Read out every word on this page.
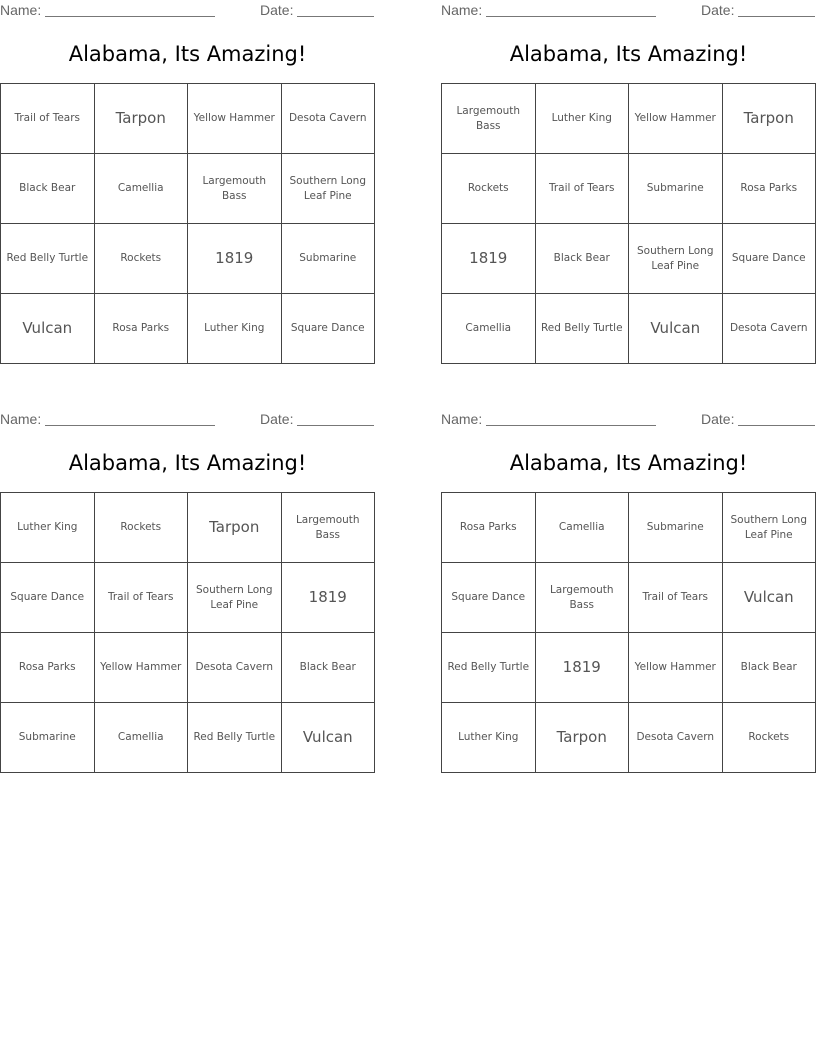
Name:	Date:
Alabama, Its Amazing!
Trail of Tears	Tarpon	Yellow Hammer	Desota Cavern
Black Bear	Camellia	Largemouth Bass	Southern Long Leaf Pine
Red Belly Turtle	Rockets	1819	Submarine
Vulcan	Rosa Parks	Luther King	Square Dance
Name:	Date:
Alabama, Its Amazing!
Largemouth Bass	Luther King	Yellow Hammer	Tarpon
Rockets	Trail of Tears	Submarine	Rosa Parks
1819	Black Bear	Southern Long Leaf Pine	Square Dance
Camellia	Red Belly Turtle	Vulcan	Desota Cavern
Name:	Date:
Alabama, Its Amazing!
Luther King	Rockets	Tarpon	Largemouth Bass
Square Dance	Trail of Tears	Southern Long Leaf Pine	1819
Rosa Parks	Yellow Hammer	Desota Cavern	Black Bear
Submarine	Camellia	Red Belly Turtle	Vulcan
Name:	Date:
Alabama, Its Amazing!
Rosa Parks	Camellia	Submarine	Southern Long Leaf Pine
Square Dance	Largemouth Bass	Trail of Tears	Vulcan
Red Belly Turtle	1819	Yellow Hammer	Black Bear
Luther King	Tarpon	Desota Cavern	Rockets
